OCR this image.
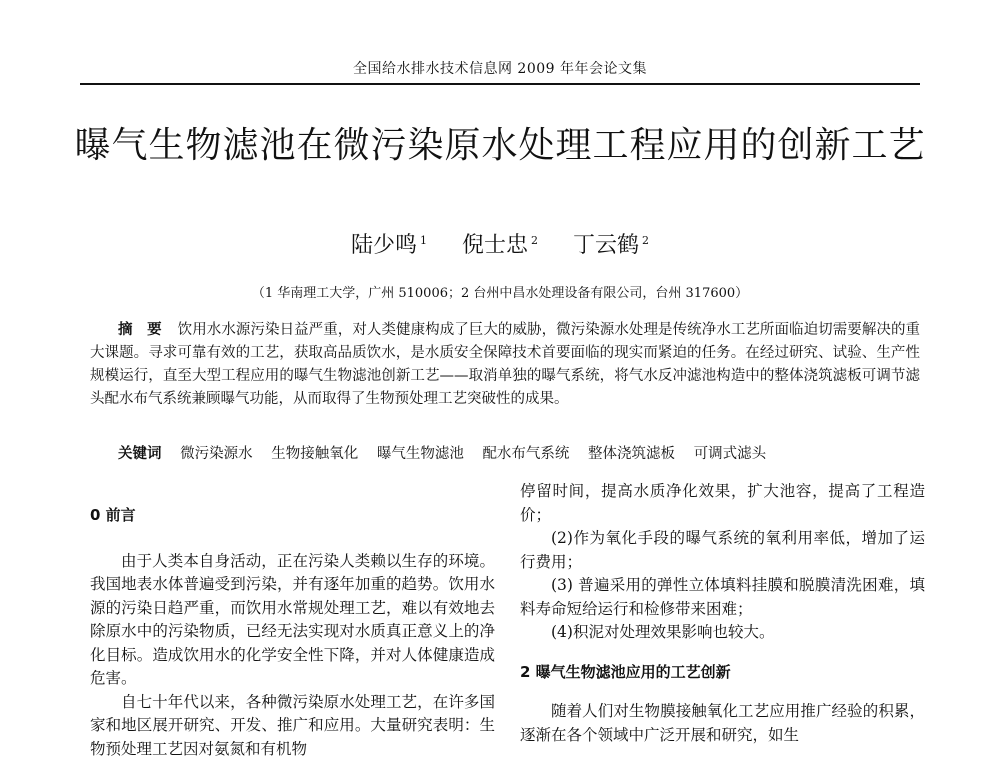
全国给水排水技术信息网 2009 年年会论文集
曝气生物滤池在微污染原水处理工程应用的创新工艺
陆少鸣 $^1$ 倪士忠 $^2$ 丁云鹤 $^2$
（1 华南理工大学，广州 510006；2 台州中昌水处理设备有限公司，台州 317600）
摘　要 饮用水水源污染日益严重，对人类健康构成了巨大的威胁，微污染源水处理是传统净水工艺所面临迫切需要解决的重大课题。寻求可靠有效的工艺，获取高品质饮水，是水质安全保障技术首要面临的现实而紧迫的任务。在经过研究、试验、生产性规模运行，直至大型工程应用的曝气生物滤池创新工艺——取消单独的曝气系统，将气水反冲滤池构造中的整体浇筑滤板可调节滤头配水布气系统兼顾曝气功能，从而取得了生物预处理工艺突破性的成果。
关键词 微污染源水 生物接触氧化 曝气生物滤池 配水布气系统 整体浇筑滤板 可调式滤头
0 前言

由于人类本自身活动，正在污染人类赖以生存的环境。我国地表水体普遍受到污染，并有逐年加重的趋势。饮用水源的污染日趋严重，而饮用水常规处理工艺，难以有效地去除原水中的污染物质，已经无法实现对水质真正意义上的净化目标。造成饮用水的化学安全性下降，并对人体健康造成危害。

自七十年代以来，各种微污染原水处理工艺，在许多国家和地区展开研究、开发、推广和应用。大量研究表明：生物预处理工艺因对氨氮和有机物

停留时间，提高水质净化效果，扩大池容，提高了工程造价；

(2)作为氧化手段的曝气系统的氧利用率低，增加了运行费用；

(3) 普遍采用的弹性立体填料挂膜和脱膜清洗困难，填料寿命短给运行和检修带来困难；

(4)积泥对处理效果影响也较大。

2 曝气生物滤池应用的工艺创新

随着人们对生物膜接触氧化工艺应用推广经验的积累，逐渐在各个领域中广泛开展和研究，如生
